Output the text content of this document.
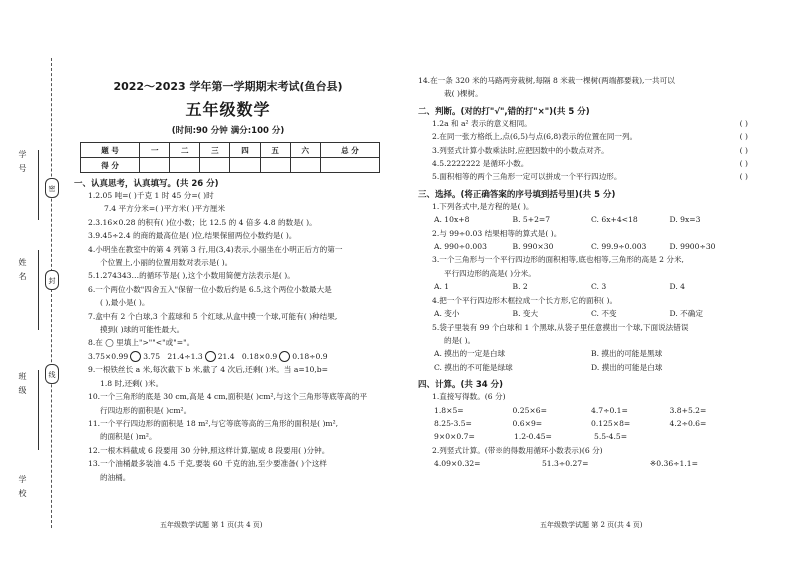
学号
姓名
班级
学校
密
封
线
2022～2023 学年第一学期期末考试(鱼台县)
五年级数学
(时间:90 分钟 满分:100 分)
题 号	一	二	三	四	五	六	总 分
得 分							
一、认真思考，认真填写。(共 26 分)
1.2.05 吨=( )千克 1 时 45 分=( )时
7.4 平方分米=( )平方米( )平方厘米
2.3.16×0.28 的积有( )位小数；比 12.5 的 4 倍多 4.8 的数是( )。
3.9.45÷2.4 的商的最高位是( )位,结果保留两位小数约是( )。
4.小明坐在教室中的第 4 列第 3 行,用(3,4)表示,小丽坐在小明正后方的第一
个位置上,小丽的位置用数对表示是( )。
5.1.274343…的循环节是( ),这个小数用简便方法表示是( )。
6.一个两位小数"四舍五入"保留一位小数后约是 6.5,这个两位小数最大是
( ),最小是( )。
7.盒中有 2 个白球,3 个蓝球和 5 个红球,从盒中摸一个球,可能有( )种结果,
摸到( )球的可能性最大。
8.在 ◯ 里填上">""<"或"="。
3.75×0.99 3.75 21.4÷1.3 21.4 0.18×0.9 0.18÷0.9
9.一根铁丝长 a 米,每次截下 b 米,截了 4 次后,还剩( )米。当 a=10,b=
1.8 时,还剩( )米。
10.一个三角形的底是 30 cm,高是 4 cm,面积是( )cm²,与这个三角形等底等高的平
行四边形的面积是( )cm²。
11.一个平行四边形的面积是 18 m²,与它等底等高的三角形的面积是( )m²,
的面积是( )m²。
12.一根木料截成 6 段要用 30 分钟,照这样计算,锯成 8 段要用( )分钟。
13.一个油桶最多装油 4.5 千克,要装 60 千克的油,至少要准备( )个这样
的油桶。
五年级数学试题 第 1 页(共 4 页)
14.在一条 320 米的马路两旁栽树,每隔 8 米栽一棵树(两端都要栽),一共可以
栽( )棵树。
二、判断。(对的打"√",错的打"×")(共 5 分)
1.2a 和 a² 表示的意义相同。	( )
2.在同一张方格纸上,点(6,5)与点(6,8)表示的位置在同一列。	( )
3.列竖式计算小数乘法时,应把因数中的小数点对齐。	( )
4.5.2222222 是循环小数。	( )
5.面积相等的两个三角形一定可以拼成一个平行四边形。	( )
三、选择。(将正确答案的序号填到括号里)(共 5 分)
1.下列各式中,是方程的是( )。
A. 10x+8	B. 5+2=7	C. 6x+4<18	D. 9x=3
2.与 99÷0.03 结果相等的算式是( )。
A. 990÷0.003	B. 990×30	C. 99.9÷0.003	D. 9900÷30
3.一个三角形与一个平行四边形的面积相等,底也相等,三角形的高是 2 分米,
平行四边形的高是( )分米。
A. 1	B. 2	C. 3	D. 4
4.把一个平行四边形木框拉成一个长方形,它的面积( )。
A. 变小	B. 变大	C. 不变	D. 不确定
5.袋子里装有 99 个白球和 1 个黑球,从袋子里任意摸出一个球,下面说法错误
的是( )。
A. 摸出的一定是白球	B. 摸出的可能是黑球
C. 摸出的不可能是绿球	D. 摸出的可能是白球
四、计算。(共 34 分)
1.直接写得数。(6 分)
1.8×5=	0.25×6=	4.7÷0.1=	3.8+5.2=
8.25-3.5=	0.6×9=	0.125×8=	4.2÷0.6=
9×0×0.7=	1.2-0.45=	5.5-4.5=
2.列竖式计算。(带※的得数用循环小数表示)(6 分)
4.09×0.32=	51.3÷0.27=	※0.36÷1.1=
五年级数学试题 第 2 页(共 4 页)
